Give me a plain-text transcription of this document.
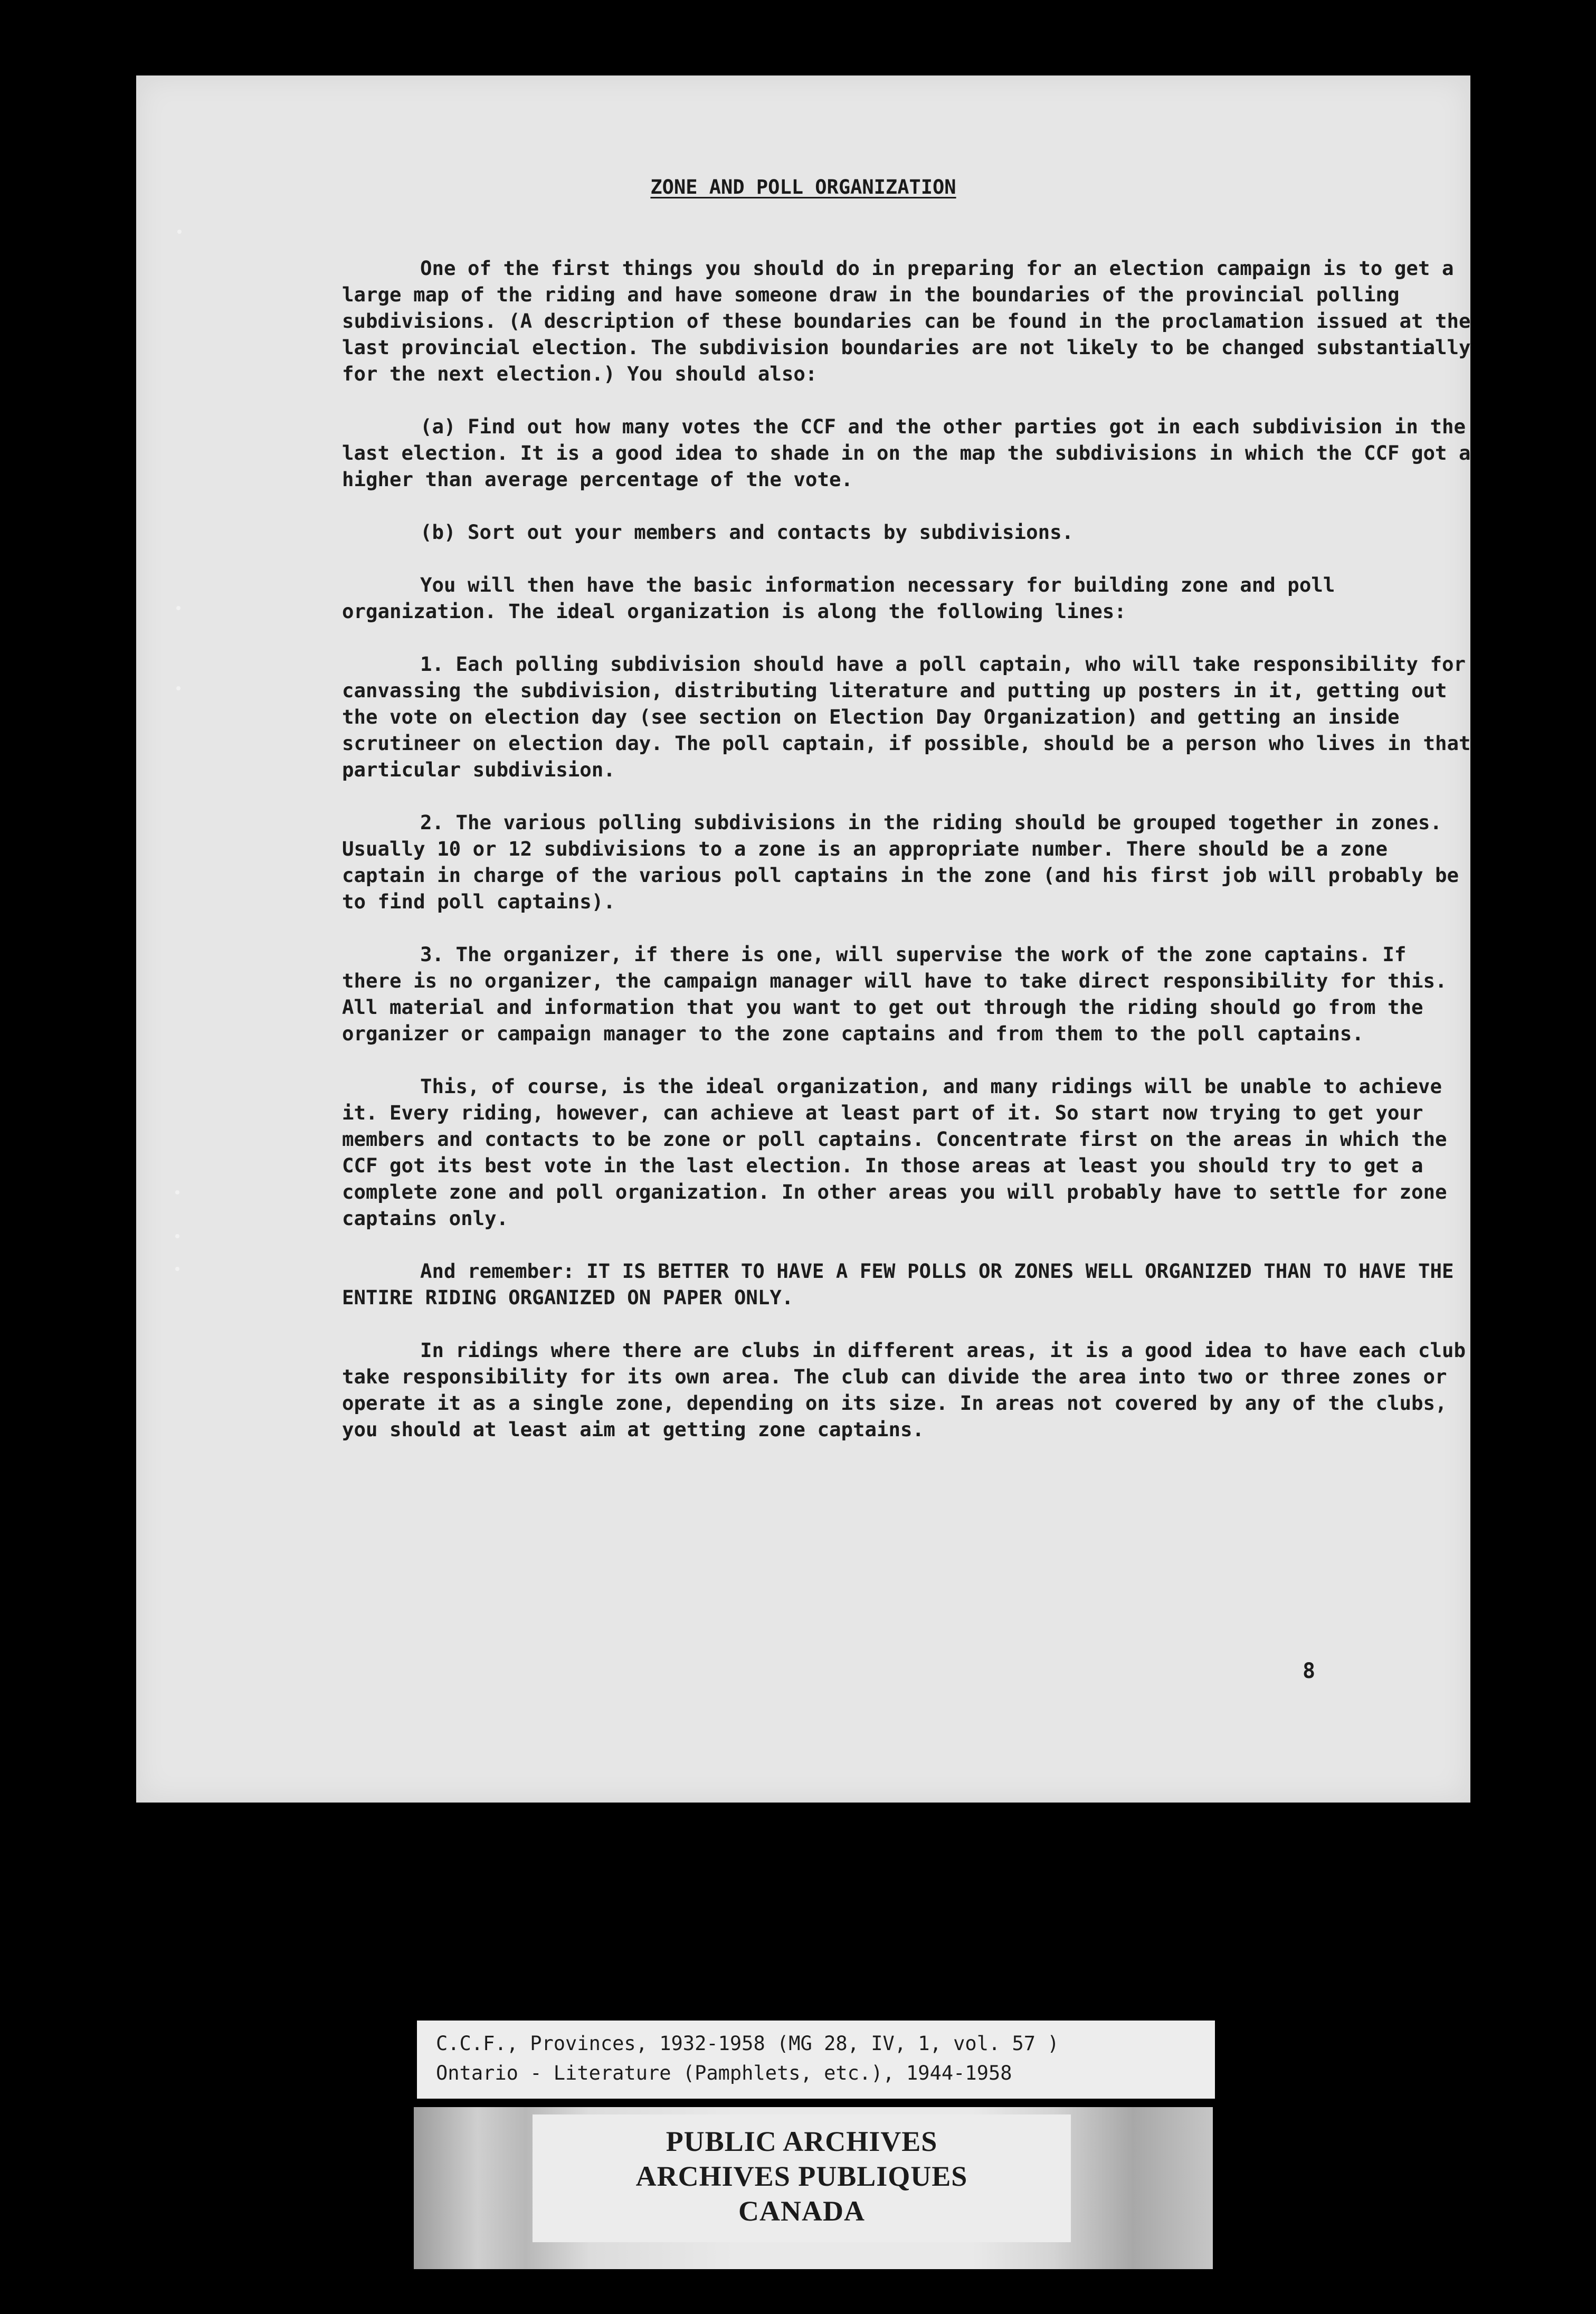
ZONE AND POLL ORGANIZATION

One of the first things you should do in preparing for an election campaign is to get a large map of the riding and have someone draw in the boundaries of the provincial polling subdivisions. (A description of these boundaries can be found in the proclamation issued at the last provincial election. The subdivision boundaries are not likely to be changed substantially for the next election.) You should also:

(a) Find out how many votes the CCF and the other parties got in each subdivision in the last election. It is a good idea to shade in on the map the subdivisions in which the CCF got a higher than average percentage of the vote.

(b) Sort out your members and contacts by subdivisions.

You will then have the basic information necessary for building zone and poll organization. The ideal organization is along the following lines:

1. Each polling subdivision should have a poll captain, who will take responsibility for canvassing the subdivision, distributing literature and putting up posters in it, getting out the vote on election day (see section on Election Day Organization) and getting an inside scrutineer on election day. The poll captain, if possible, should be a person who lives in that particular subdivision.

2. The various polling subdivisions in the riding should be grouped together in zones. Usually 10 or 12 subdivisions to a zone is an appropriate number. There should be a zone captain in charge of the various poll captains in the zone (and his first job will probably be to find poll captains).

3. The organizer, if there is one, will supervise the work of the zone captains. If there is no organizer, the campaign manager will have to take direct responsibility for this. All material and information that you want to get out through the riding should go from the organizer or campaign manager to the zone captains and from them to the poll captains.

This, of course, is the ideal organization, and many ridings will be unable to achieve it. Every riding, however, can achieve at least part of it. So start now trying to get your members and contacts to be zone or poll captains. Concentrate first on the areas in which the CCF got its best vote in the last election. In those areas at least you should try to get a complete zone and poll organization. In other areas you will probably have to settle for zone captains only.

And remember: IT IS BETTER TO HAVE A FEW POLLS OR ZONES WELL ORGANIZED THAN TO HAVE THE ENTIRE RIDING ORGANIZED ON PAPER ONLY.

In ridings where there are clubs in different areas, it is a good idea to have each club take responsibility for its own area. The club can divide the area into two or three zones or operate it as a single zone, depending on its size. In areas not covered by any of the clubs, you should at least aim at getting zone captains.

8
C.C.F., Provinces, 1932-1958 (MG 28, IV, 1, vol. 57 )
Ontario - Literature (Pamphlets, etc.), 1944-1958
PUBLIC ARCHIVES
ARCHIVES PUBLIQUES
CANADA
